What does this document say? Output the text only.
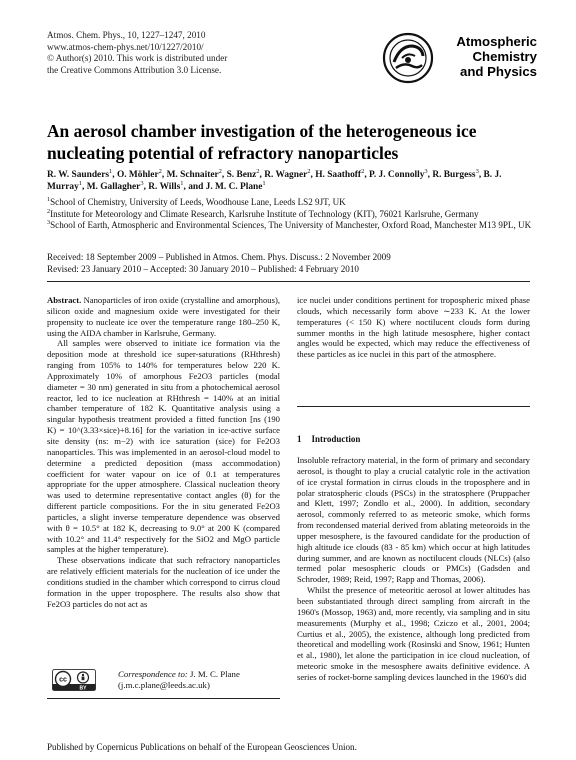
Atmos. Chem. Phys., 10, 1227–1247, 2010
www.atmos-chem-phys.net/10/1227/2010/
© Author(s) 2010. This work is distributed under
the Creative Commons Attribution 3.0 License.
Atmospheric
Chemistry
and Physics
An aerosol chamber investigation of the heterogeneous ice
nucleating potential of refractory nanoparticles
R. W. Saunders$^1$, O. Möhler$^2$, M. Schnaiter$^2$, S. Benz$^2$, R. Wagner$^2$, H. Saathoff$^2$, P. J. Connolly$^3$, R. Burgess$^3$, B. J. Murray$^1$, M. Gallagher$^3$, R. Wills$^1$, and J. M. C. Plane$^1$
$^1$School of Chemistry, University of Leeds, Woodhouse Lane, Leeds LS2 9JT, UK
$^2$Institute for Meteorology and Climate Research, Karlsruhe Institute of Technology (KIT), 76021 Karlsruhe, Germany
$^3$School of Earth, Atmospheric and Environmental Sciences, The University of Manchester, Oxford Road, Manchester M13 9PL, UK
Received: 18 September 2009 – Published in Atmos. Chem. Phys. Discuss.: 2 November 2009
Revised: 23 January 2010 – Accepted: 30 January 2010 – Published: 4 February 2010

Abstract. Nanoparticles of iron oxide (crystalline and amorphous), silicon oxide and magnesium oxide were investigated for their propensity to nucleate ice over the temperature range 180–250 K, using the AIDA chamber in Karlsruhe, Germany.

All samples were observed to initiate ice formation via the deposition mode at threshold ice super-saturations (RHthresh) ranging from 105% to 140% for temperatures below 220 K. Approximately 10% of amorphous Fe2O3 particles (modal diameter = 30 nm) generated in situ from a photochemical aerosol reactor, led to ice nucleation at RHthresh = 140% at an initial chamber temperature of 182 K. Quantitative analysis using a singular hypothesis treatment provided a fitted function [ns (190 K) = 10^(3.33×sice)+8.16] for the variation in ice-active surface site density (ns: m−2) with ice saturation (sice) for Fe2O3 nanoparticles. This was implemented in an aerosol-cloud model to determine a predicted deposition (mass accommodation) coefficient for water vapour on ice of 0.1 at temperatures appropriate for the upper atmosphere. Classical nucleation theory was used to determine representative contact angles (θ) for the different particle compositions. For the in situ generated Fe2O3 particles, a slight inverse temperature dependence was observed with θ = 10.5° at 182 K, decreasing to 9.0° at 200 K (compared with 10.2° and 11.4° respectively for the SiO2 and MgO particle samples at the higher temperature).

These observations indicate that such refractory nanoparticles are relatively efficient materials for the nucleation of ice under the conditions studied in the chamber which correspond to cirrus cloud formation in the upper troposphere. The results also show that Fe2O3 particles do not act as

ice nuclei under conditions pertinent for tropospheric mixed phase clouds, which necessarily form above ∼233 K. At the lower temperatures (< 150 K) where noctilucent clouds form during summer months in the high latitude mesosphere, higher contact angles would be expected, which may reduce the effectiveness of these particles as ice nuclei in this part of the atmosphere.

1 Introduction

Insoluble refractory material, in the form of primary and secondary aerosol, is thought to play a crucial catalytic role in the activation of ice crystal formation in cirrus clouds in the troposphere and in polar stratospheric clouds (PSCs) in the stratosphere (Pruppacher and Klett, 1997; Zondlo et al., 2000). In addition, secondary aerosol, commonly referred to as meteoric smoke, which forms from recondensed material derived from ablating meteoroids in the upper mesosphere, is the favoured candidate for the production of high altitude ice clouds (83 - 85 km) which occur at high latitudes during summer, and are known as noctilucent clouds (NLCs) (also termed polar mesospheric clouds or PMCs) (Gadsden and Schroder, 1989; Reid, 1997; Rapp and Thomas, 2006).

Whilst the presence of meteoritic aerosol at lower altitudes has been substantiated through direct sampling from aircraft in the 1960's (Mossop, 1963) and, more recently, via sampling and in situ measurements (Murphy et al., 1998; Cziczo et al., 2001, 2004; Curtius et al., 2005), the existence, although long predicted from theoretical and modelling work (Rosinski and Snow, 1961; Hunten et al., 1980), let alone the participation in ice cloud nucleation, of meteoric smoke in the mesosphere awaits definitive evidence. A series of rocket-borne sampling devices launched in the 1960's did

cc
BY
Correspondence to: J. M. C. Plane
(j.m.c.plane@leeds.ac.uk)
Published by Copernicus Publications on behalf of the European Geosciences Union.
